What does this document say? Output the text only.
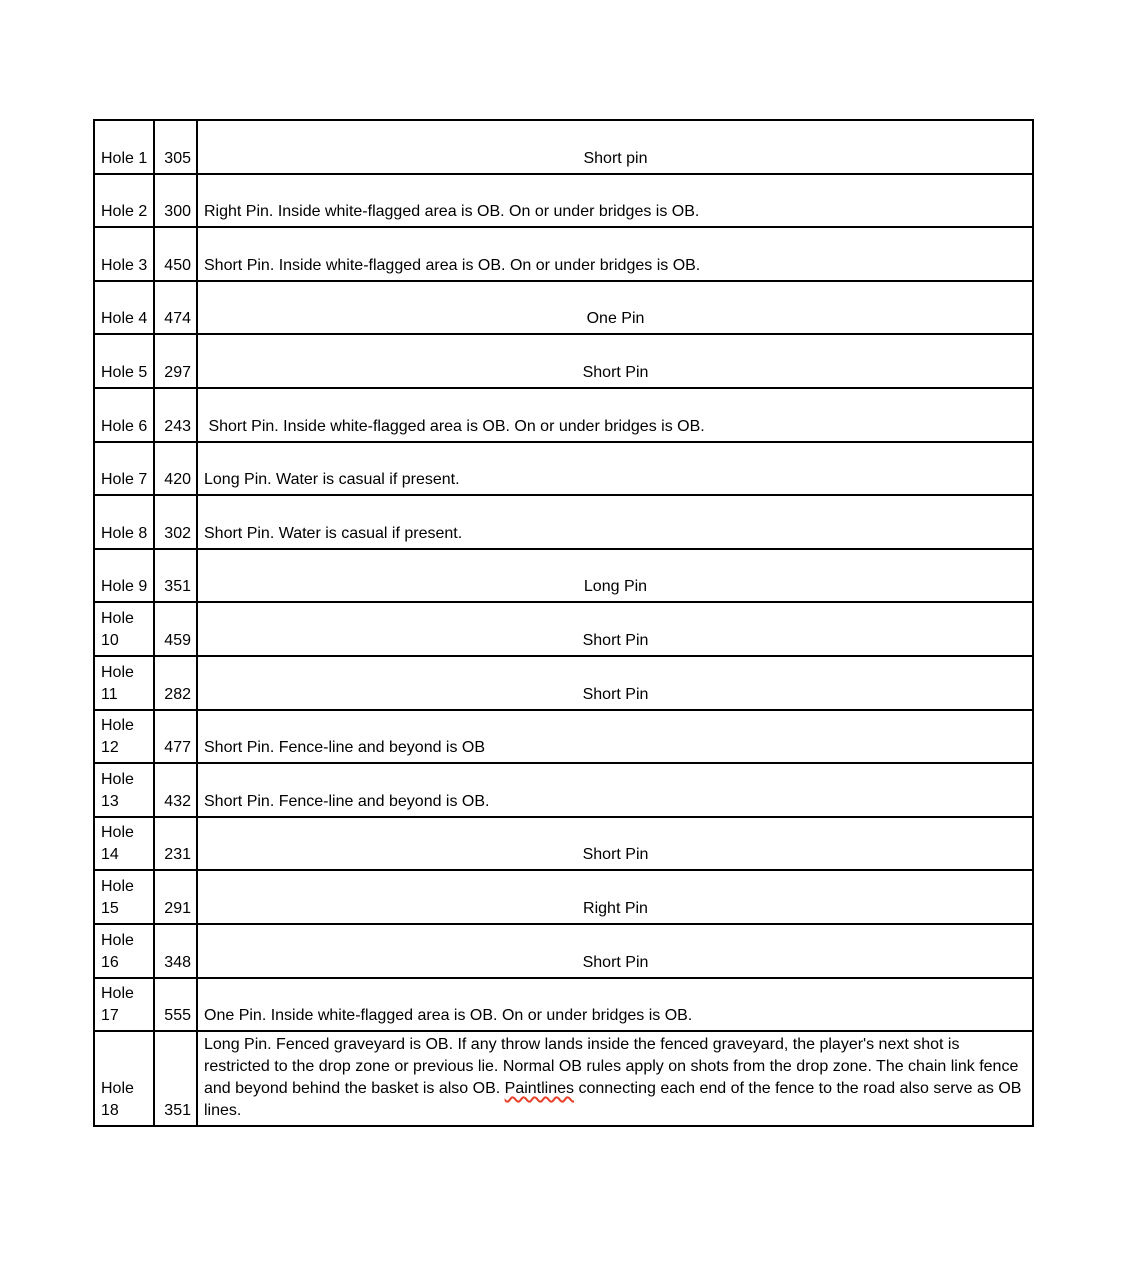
Hole 1	305	Short pin
Hole 2	300	Right Pin. Inside white-flagged area is OB. On or under bridges is OB.
Hole 3	450	Short Pin. Inside white-flagged area is OB. On or under bridges is OB.
Hole 4	474	One Pin
Hole 5	297	Short Pin
Hole 6	243	Short Pin. Inside white-flagged area is OB. On or under bridges is OB.
Hole 7	420	Long Pin. Water is casual if present.
Hole 8	302	Short Pin. Water is casual if present.
Hole 9	351	Long Pin
Hole 10	459	Short Pin
Hole 11	282	Short Pin
Hole 12	477	Short Pin. Fence-line and beyond is OB
Hole 13	432	Short Pin. Fence-line and beyond is OB.
Hole 14	231	Short Pin
Hole 15	291	Right Pin
Hole 16	348	Short Pin
Hole 17	555	One Pin. Inside white-flagged area is OB. On or under bridges is OB.
Hole 18	351	Long Pin. Fenced graveyard is OB. If any throw lands inside the fenced graveyard, the player's next shot is restricted to the drop zone or previous lie. Normal OB rules apply on shots from the drop zone. The chain link fence and beyond behind the basket is also OB. Paintlines connecting each end of the fence to the road also serve as OB lines.
